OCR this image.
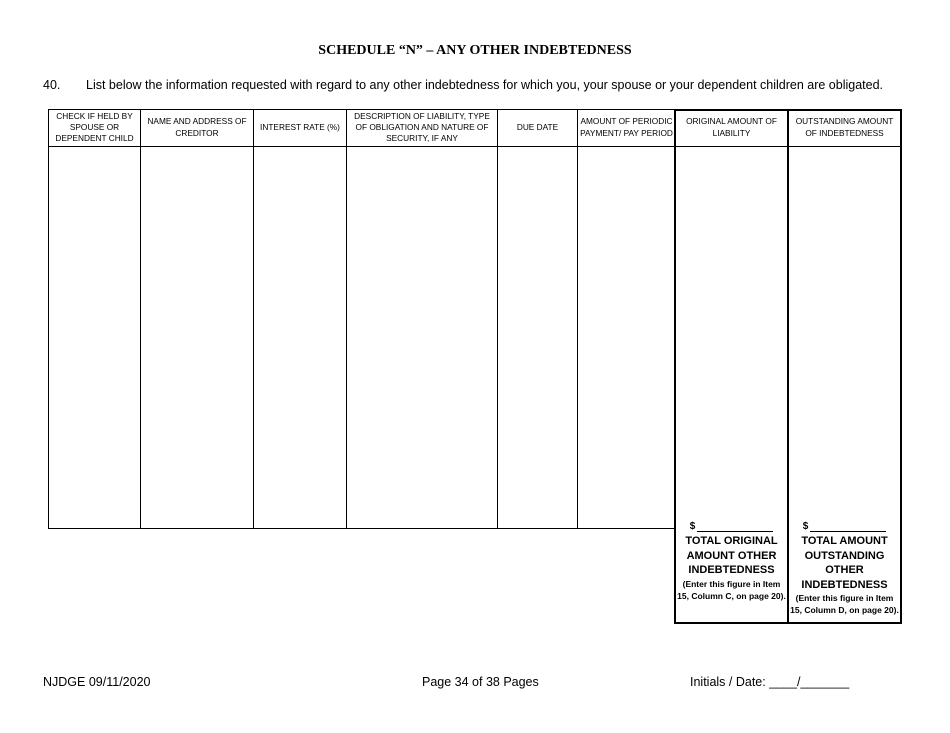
SCHEDULE “N” – ANY OTHER INDEBTEDNESS
40. List below the information requested with regard to any other indebtedness for which you, your spouse or your dependent children are obligated.
CHECK IF HELD BY SPOUSE OR DEPENDENT CHILD
NAME AND ADDRESS OF CREDITOR
INTEREST RATE (%)
DESCRIPTION OF LIABILITY, TYPE OF OBLIGATION AND NATURE OF SECURITY, IF ANY
DUE DATE
AMOUNT OF PERIODIC PAYMENT/ PAY PERIOD
ORIGINAL AMOUNT OF LIABILITY
$
TOTAL ORIGINAL AMOUNT OTHER INDEBTEDNESS
(Enter this figure in Item 15, Column C, on page 20).
OUTSTANDING AMOUNT OF INDEBTEDNESS
$
TOTAL AMOUNT OUTSTANDING OTHER INDEBTEDNESS
(Enter this figure in Item 15, Column D, on page 20).
NJDGE 09/11/2020	Page 34 of 38 Pages	Initials / Date: ____/_______
